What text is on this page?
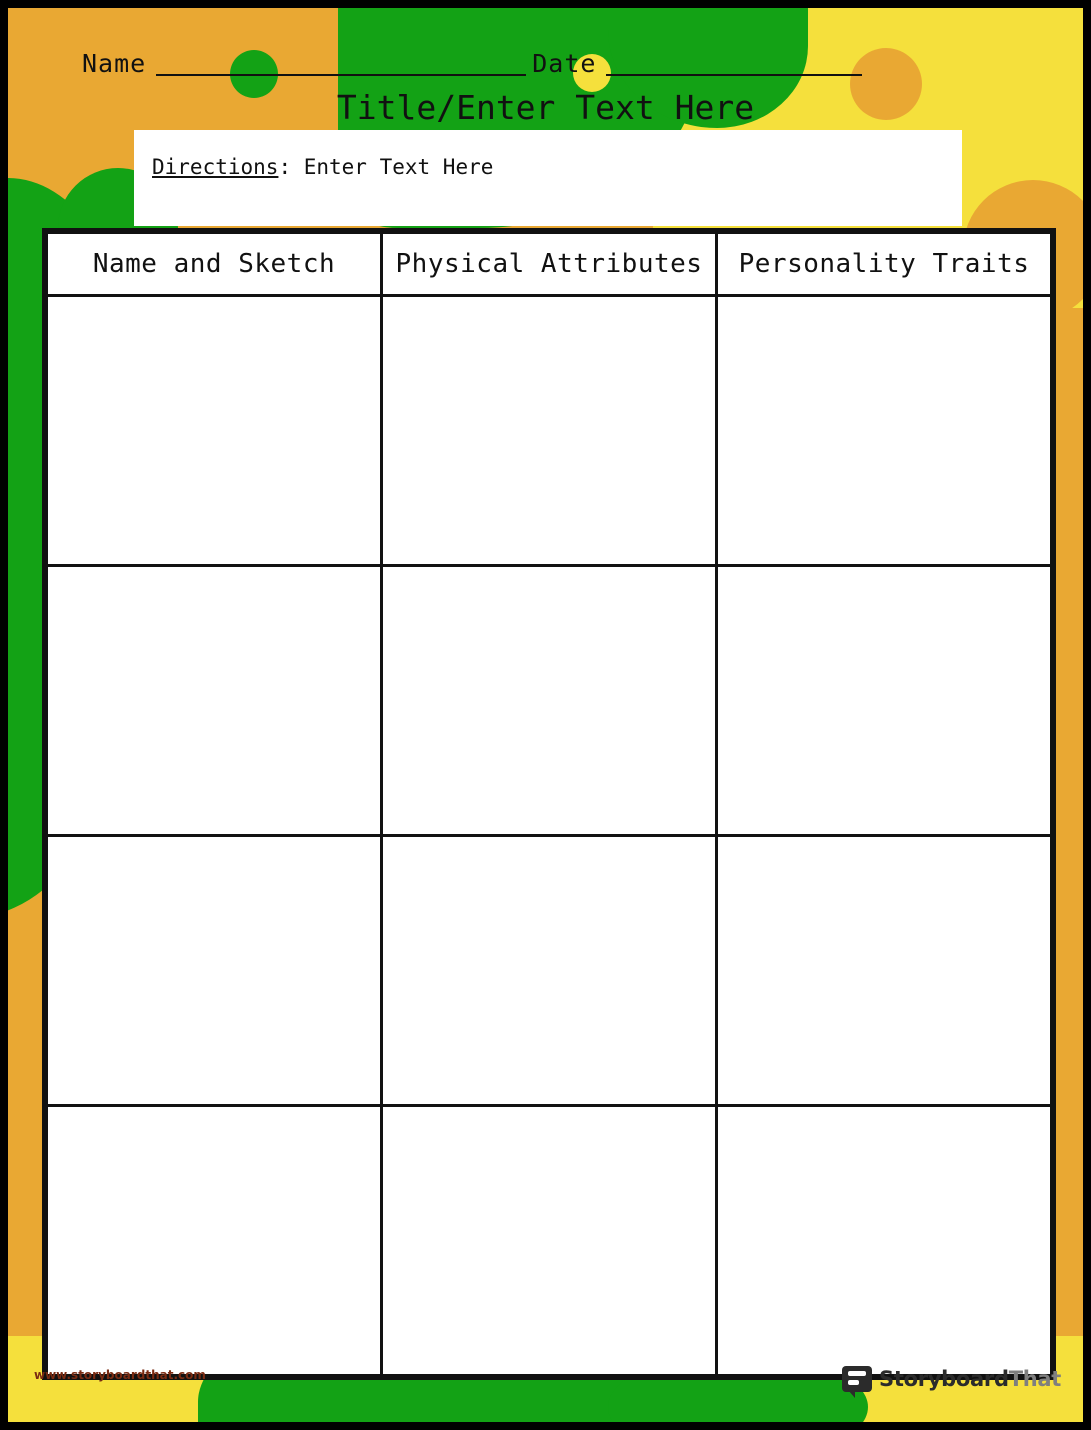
Name	Date
Title/Enter Text Here
Directions: Enter Text Here
Name and Sketch	Physical Attributes	Personality Traits

www.storyboardthat.com	StoryboardThat
